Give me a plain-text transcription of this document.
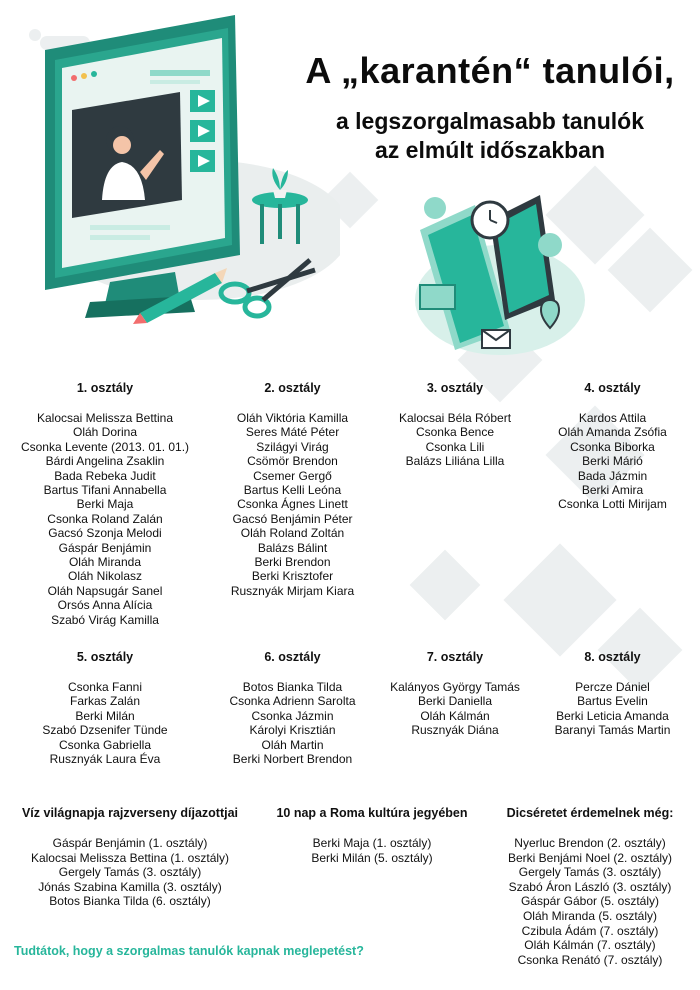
A „karantén“ tanulói,
a legszorgalmasabb tanulók
az elmúlt időszakban
1. osztály
Kalocsai Melissza Bettina
Oláh Dorina
Csonka Levente (2013. 01. 01.)
Bárdi Angelina Zsaklin
Bada Rebeka Judit
Bartus Tifani Annabella
Berki Maja
Csonka Roland Zalán
Gacsó Szonja Melodi
Gáspár Benjámin
Oláh Miranda
Oláh Nikolasz
Oláh Napsugár Sanel
Orsós Anna Alícia
Szabó Virág Kamilla
2. osztály
Oláh Viktória Kamilla
Seres Máté Péter
Szilágyi Virág
Csömör Brendon
Csemer Gergő
Bartus Kelli Leóna
Csonka Ágnes Linett
Gacsó Benjámin Péter
Oláh Roland Zoltán
Balázs Bálint
Berki Brendon
Berki Krisztofer
Rusznyák Mirjam Kiara
3. osztály
Kalocsai Béla Róbert
Csonka Bence
Csonka Lili
Balázs Liliána Lilla
4. osztály
Kardos Attila
Oláh Amanda Zsófia
Csonka Biborka
Berki Márió
Bada Jázmin
Berki Amira
Csonka Lotti Mirijam
5. osztály
Csonka Fanni
Farkas Zalán
Berki Milán
Szabó Dzsenifer Tünde
Csonka Gabriella
Rusznyák Laura Éva
6. osztály
Botos Bianka Tilda
Csonka Adrienn Sarolta
Csonka Jázmin
Károlyi Krisztián
Oláh Martin
Berki Norbert Brendon
7. osztály
Kalányos György Tamás
Berki Daniella
Oláh Kálmán
Rusznyák Diána
8. osztály
Percze Dániel
Bartus Evelin
Berki Leticia Amanda
Baranyi Tamás Martin
Víz világnapja rajzverseny díjazottjai
Gáspár Benjámin (1. osztály)
Kalocsai Melissza Bettina (1. osztály)
Gergely Tamás (3. osztály)
Jónás Szabina Kamilla (3. osztály)
Botos Bianka Tilda (6. osztály)
10 nap a Roma kultúra jegyében
Berki Maja (1. osztály)
Berki Milán (5. osztály)
Dicséretet érdemelnek még:
Nyerluc Brendon (2. osztály)
Berki Benjámi Noel (2. osztály)
Gergely Tamás (3. osztály)
Szabó Áron László (3. osztály)
Gáspár Gábor (5. osztály)
Oláh Miranda (5. osztály)
Czibula Ádám (7. osztály)
Oláh Kálmán (7. osztály)
Csonka Renátó (7. osztály)
Tudtátok, hogy a szorgalmas tanulók kapnak meglepetést?
